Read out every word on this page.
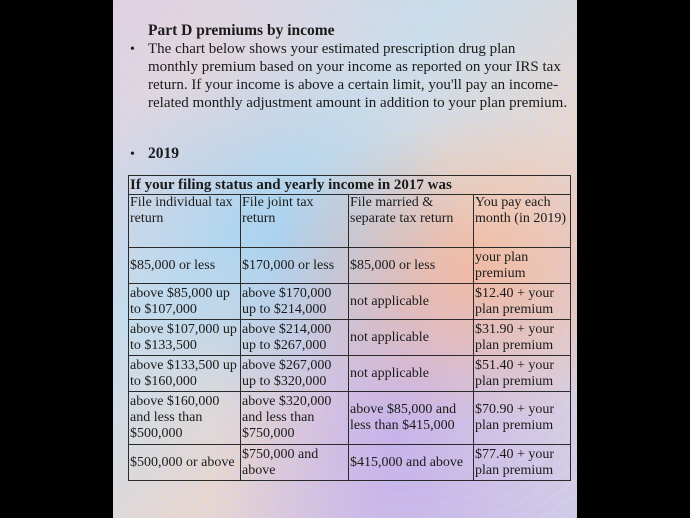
Part D premiums by income
• The chart below shows your estimated prescription drug plan monthly premium based on your income as reported on your IRS tax return. If your income is above a certain limit, you'll pay an income-related monthly adjustment amount in addition to your plan premium.
• 2019
If your filing status and yearly income in 2017 was			
File individual tax return	File joint tax return	File married & separate tax return	You pay each month (in 2019)
$85,000 or less	$170,000 or less	$85,000 or less	your plan premium
above $85,000 up to $107,000	above $170,000 up to $214,000	not applicable	$12.40 + your plan premium
above $107,000 up to $133,500	above $214,000 up to $267,000	not applicable	$31.90 + your plan premium
above $133,500 up to $160,000	above $267,000 up to $320,000	not applicable	$51.40 + your plan premium
above $160,000 and less than $500,000	above $320,000 and less than $750,000	above $85,000 and less than $415,000	$70.90 + your plan premium
$500,000 or above	$750,000 and above	$415,000 and above	$77.40 + your plan premium
